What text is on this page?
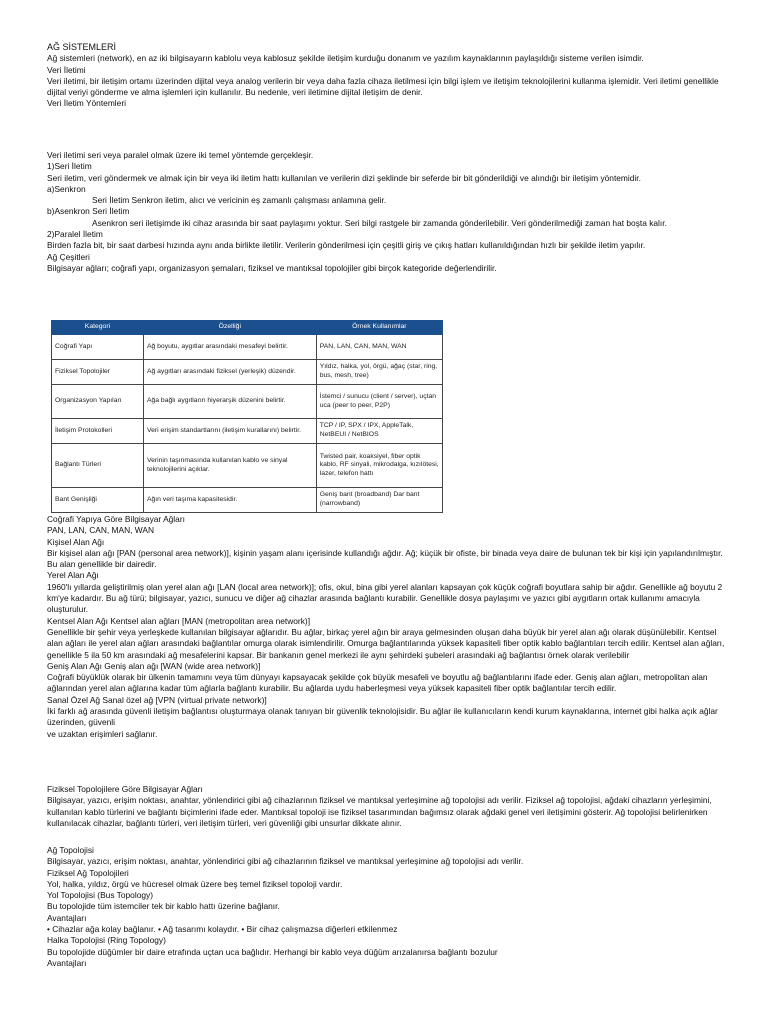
AĞ SİSTEMLERİ

Ağ sistemleri (network), en az iki bilgisayarın kablolu veya kablosuz şekilde iletişim kurduğu donanım ve yazılım kaynaklarının paylaşıldığı sisteme verilen isimdir.

Veri İletimi

Veri iletimi, bir iletişim ortamı üzerinden dijital veya analog verilerin bir veya daha fazla cihaza iletilmesi için bilgi işlem ve iletişim teknolojilerini kullanma işlemidir. Veri iletimi genellikle dijital veriyi gönderme ve alma işlemleri için kullanılır. Bu nedenle, veri iletimine dijital iletişim de denir.

Veri İletim Yöntemleri

Veri iletimi seri veya paralel olmak üzere iki temel yöntemde gerçekleşir.

1)Seri İletim

Seri iletim, veri göndermek ve almak için bir veya iki iletim hattı kullanılan ve verilerin dizi şeklinde bir seferde bir bit gönderildiği ve alındığı bir iletişim yöntemidir.

a)Senkron

Seri İletim Senkron iletim, alıcı ve vericinin eş zamanlı çalışması anlamına gelir.

b)Asenkron Seri İletim

Asenkron seri iletişimde iki cihaz arasında bir saat paylaşımı yoktur. Seri bilgi rastgele bir zamanda gönderilebilir. Veri gönderilmediği zaman hat boşta kalır.

2)Paralel İletim

Birden fazla bit, bir saat darbesi hızında aynı anda birlikte iletilir. Verilerin gönderilmesi için çeşitli giriş ve çıkış hatları kullanıldığından hızlı bir şekilde iletim yapılır.

Ağ Çeşitleri

Bilgisayar ağları; coğrafi yapı, organizasyon şemaları, fiziksel ve mantıksal topolojiler gibi birçok kategoride değerlendirilir.

Kategori	Özelliği	Örnek Kullanımlar
Coğrafi Yapı	Ağ boyutu, aygıtlar arasındaki mesafeyi belirtir.	PAN, LAN, CAN, MAN, WAN
Fiziksel Topolojiler	Ağ aygıtları arasındaki fiziksel (yerleşik) düzendir.	Yıldız, halka, yol, örgü, ağaç (star, ring, bus, mesh, tree)
Organizasyon Yapıları	Ağa bağlı aygıtların hiyerarşik düzenini belirtir.	İstemci / sunucu (client / server), uçtan uca (peer to peer, P2P)
İletişim Protokolleri	Veri erişim standartlarını (iletişim kurallarını) belirtir.	TCP / IP, SPX / IPX, AppleTalk, NetBEUI / NetBIOS
Bağlantı Türleri	Verinin taşınmasında kullanılan kablo ve sinyal teknolojilerini açıklar.	Twisted pair, koaksiyel, fiber optik kablo, RF sinyali, mikrodalga, kızılötesi, lazer, telefon hattı
Bant Genişliği	Ağın veri taşıma kapasitesidir.	Geniş bant (broadband) Dar bant (narrowband)

Coğrafi Yapıya Göre Bilgisayar Ağları

PAN, LAN, CAN, MAN, WAN

Kişisel Alan Ağı

Bir kişisel alan ağı [PAN (personal area network)], kişinin yaşam alanı içerisinde kullandığı ağdır. Ağ; küçük bir ofiste, bir binada veya daire de bulunan tek bir kişi için yapılandırılmıştır. Bu alan genellikle bir dairedir.

Yerel Alan Ağı

1960'lı yıllarda geliştirilmiş olan yerel alan ağı [LAN (local area network)]; ofis, okul, bina gibi yerel alanları kapsayan çok küçük coğrafi boyutlara sahip bir ağdır. Genellikle ağ boyutu 2 km'ye kadardır. Bu ağ türü; bilgisayar, yazıcı, sunucu ve diğer ağ cihazlar arasında bağlantı kurabilir. Genellikle dosya paylaşımı ve yazıcı gibi aygıtların ortak kullanımı amacıyla oluşturulur.

Kentsel Alan Ağı Kentsel alan ağları [MAN (metropolitan area network)]

Genellikle bir şehir veya yerleşkede kullanılan bilgisayar ağlarıdır. Bu ağlar, birkaç yerel ağın bir araya gelmesinden oluşan daha büyük bir yerel alan ağı olarak düşünülebilir. Kentsel alan ağları ile yerel alan ağları arasındaki bağlantılar omurga olarak isimlendirilir. Omurga bağlantılarında yüksek kapasiteli fiber optik kablo bağlantıları tercih edilir. Kentsel alan ağları, genellikle 5 ila 50 km arasındaki ağ mesafelerini kapsar. Bir bankanın genel merkezi ile aynı şehirdeki şubeleri arasındaki ağ bağlantısı örnek olarak verilebilir

Geniş Alan Ağı Geniş alan ağı [WAN (wide area network)]

Coğrafi büyüklük olarak bir ülkenin tamamını veya tüm dünyayı kapsayacak şekilde çok büyük mesafeli ve boyutlu ağ bağlantılarını ifade eder. Geniş alan ağları, metropolitan alan ağlarından yerel alan ağlarına kadar tüm ağlarla bağlantı kurabilir. Bu ağlarda uydu haberleşmesi veya yüksek kapasiteli fiber optik bağlantılar tercih edilir.

Sanal Özel Ağ Sanal özel ağ [VPN (virtual private network)]

İki farklı ağ arasında güvenli iletişim bağlantısı oluşturmaya olanak tanıyan bir güvenlik teknolojisidir. Bu ağlar ile kullanıcıların kendi kurum kaynaklarına, internet gibi halka açık ağlar üzerinden, güvenli

ve uzaktan erişimleri sağlanır.

Fiziksel Topolojilere Göre Bilgisayar Ağları

Bilgisayar, yazıcı, erişim noktası, anahtar, yönlendirici gibi ağ cihazlarının fiziksel ve mantıksal yerleşimine ağ topolojisi adı verilir. Fiziksel ağ topolojisi, ağdaki cihazların yerleşimini, kullanılan kablo türlerini ve bağlantı biçimlerini ifade eder. Mantıksal topoloji ise fiziksel tasarımından bağımsız olarak ağdaki genel veri iletişimini gösterir. Ağ topolojisi belirlenirken kullanılacak cihazlar, bağlantı türleri, veri iletişim türleri, veri güvenliği gibi unsurlar dikkate alınır.

Ağ Topolojisi

Bilgisayar, yazıcı, erişim noktası, anahtar, yönlendirici gibi ağ cihazlarının fiziksel ve mantıksal yerleşimine ağ topolojisi adı verilir.

Fiziksel Ağ Topolojileri

Yol, halka, yıldız, örgü ve hücresel olmak üzere beş temel fiziksel topoloji vardır.

Yol Topolojisi (Bus Topology)

Bu topolojide tüm istemciler tek bir kablo hattı üzerine bağlanır.

Avantajları

• Cihazlar ağa kolay bağlanır. • Ağ tasarımı kolaydır. • Bir cihaz çalışmazsa diğerleri etkilenmez

Halka Topolojisi (Ring Topology)

Bu topolojide düğümler bir daire etrafında uçtan uca bağlıdır. Herhangi bir kablo veya düğüm arızalanırsa bağlantı bozulur

Avantajları
